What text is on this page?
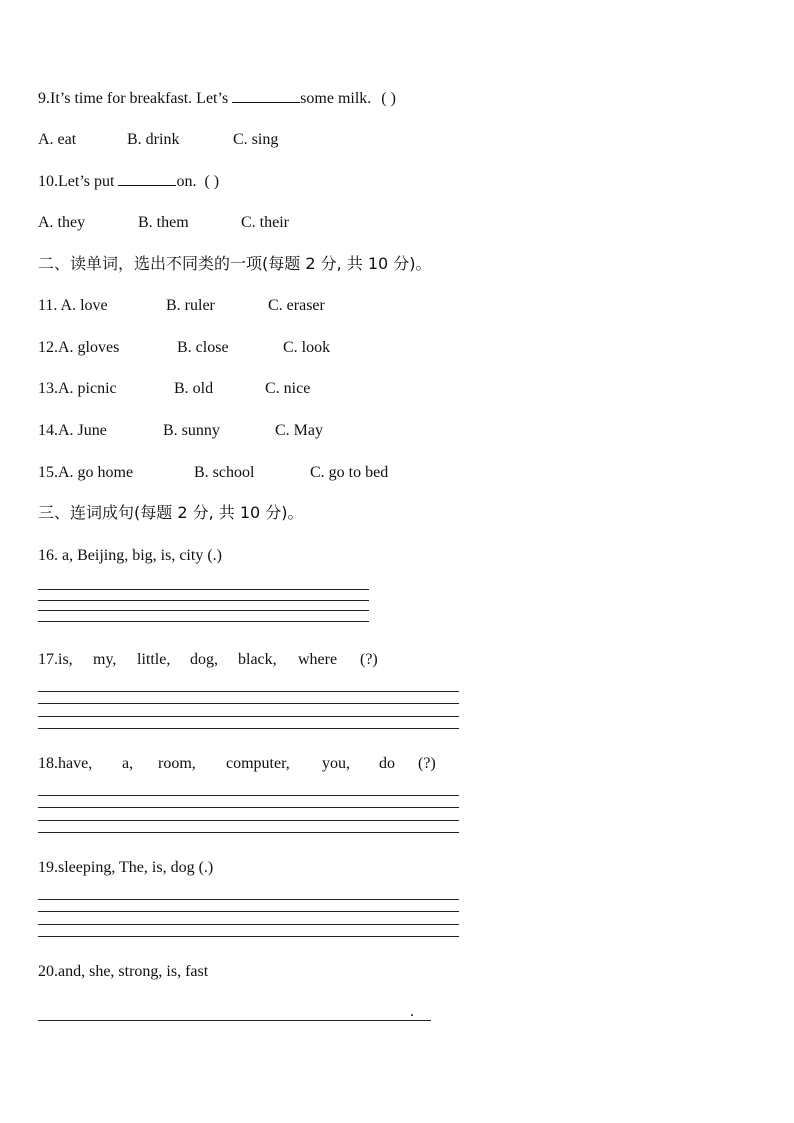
9.It’s time for breakfast. Let’s	some milk. ( )
A. eat	B. drink	C. sing
10.Let’s put	on. ( )
A. they	B. them	C. their
二、读单词，选出不同类的一项(每题 2 分, 共 10 分)。
11. A. love	B. ruler	C. eraser
12.A. gloves	B. close	C. look
13.A. picnic	B. old	C. nice
14.A. June	B. sunny	C. May
15.A. go home	B. school	C. go to bed
三、连词成句(每题 2 分, 共 10 分)。
16. a, Beijing, big, is, city (.)
17.is, my, little, dog, black, where (?)
18.have, a, room, computer, you, do (?)
19.sleeping, The, is, dog (.)
20.and, she, strong, is, fast
.
